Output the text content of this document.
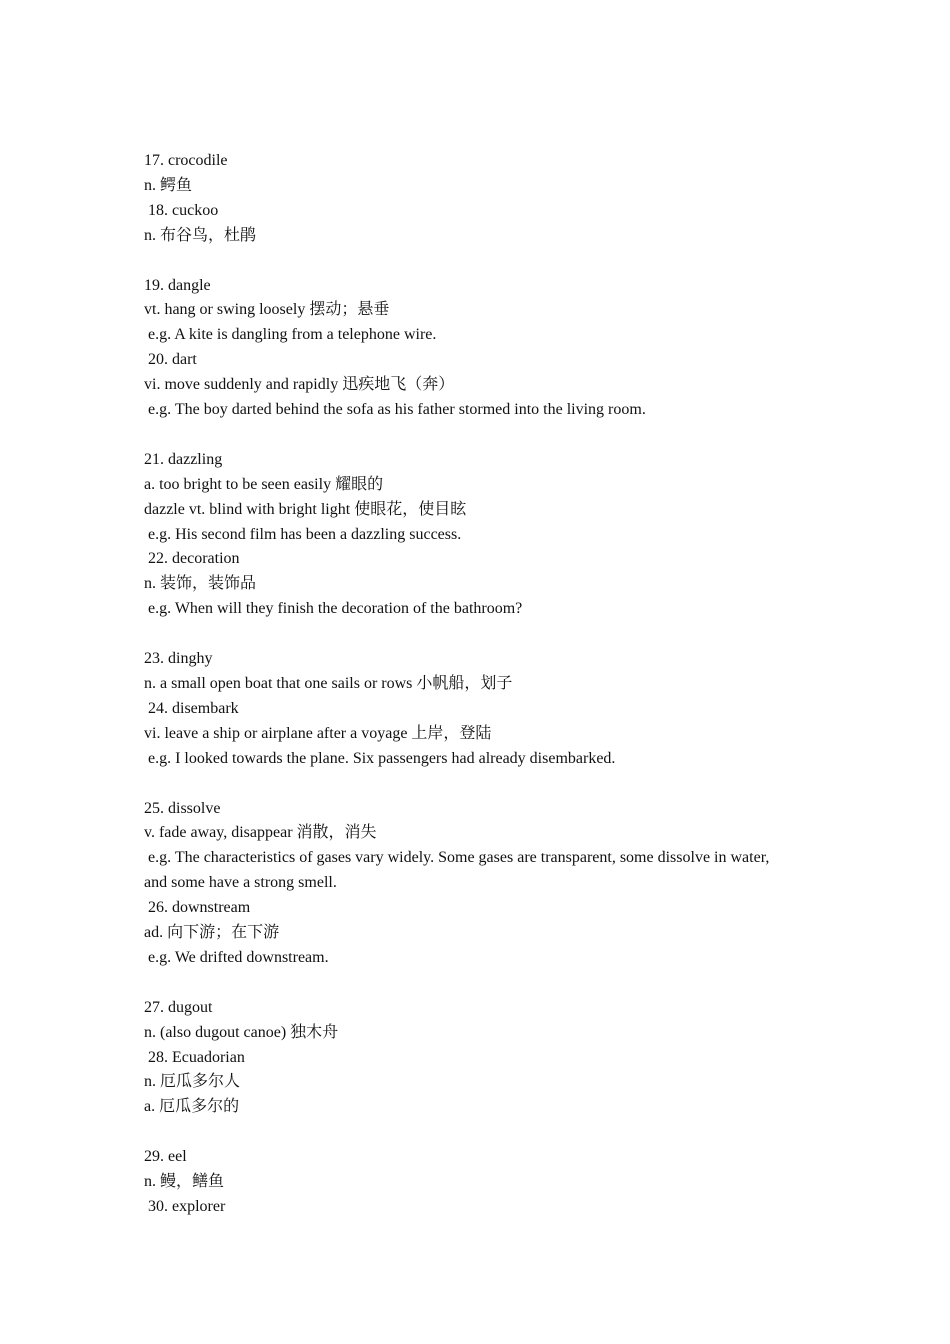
17. crocodile
n. 鳄鱼
18. cuckoo
n. 布谷鸟，杜鹃
19. dangle
vt. hang or swing loosely 摆动；悬垂
e.g. A kite is dangling from a telephone wire.
20. dart
vi. move suddenly and rapidly 迅疾地飞（奔）
e.g. The boy darted behind the sofa as his father stormed into the living room.
21. dazzling
a. too bright to be seen easily 耀眼的
dazzle vt. blind with bright light 使眼花，使目眩
e.g. His second film has been a dazzling success.
22. decoration
n. 装饰，装饰品
e.g. When will they finish the decoration of the bathroom?
23. dinghy
n. a small open boat that one sails or rows 小帆船，划子
24. disembark
vi. leave a ship or airplane after a voyage 上岸，登陆
e.g. I looked towards the plane. Six passengers had already disembarked.
25. dissolve
v. fade away, disappear 消散，消失
e.g. The characteristics of gases vary widely. Some gases are transparent, some dissolve in water,
and some have a strong smell.
26. downstream
ad. 向下游；在下游
e.g. We drifted downstream.
27. dugout
n. (also dugout canoe) 独木舟
28. Ecuadorian
n. 厄瓜多尔人
a. 厄瓜多尔的
29. eel
n. 鳗，鳝鱼
30. explorer
